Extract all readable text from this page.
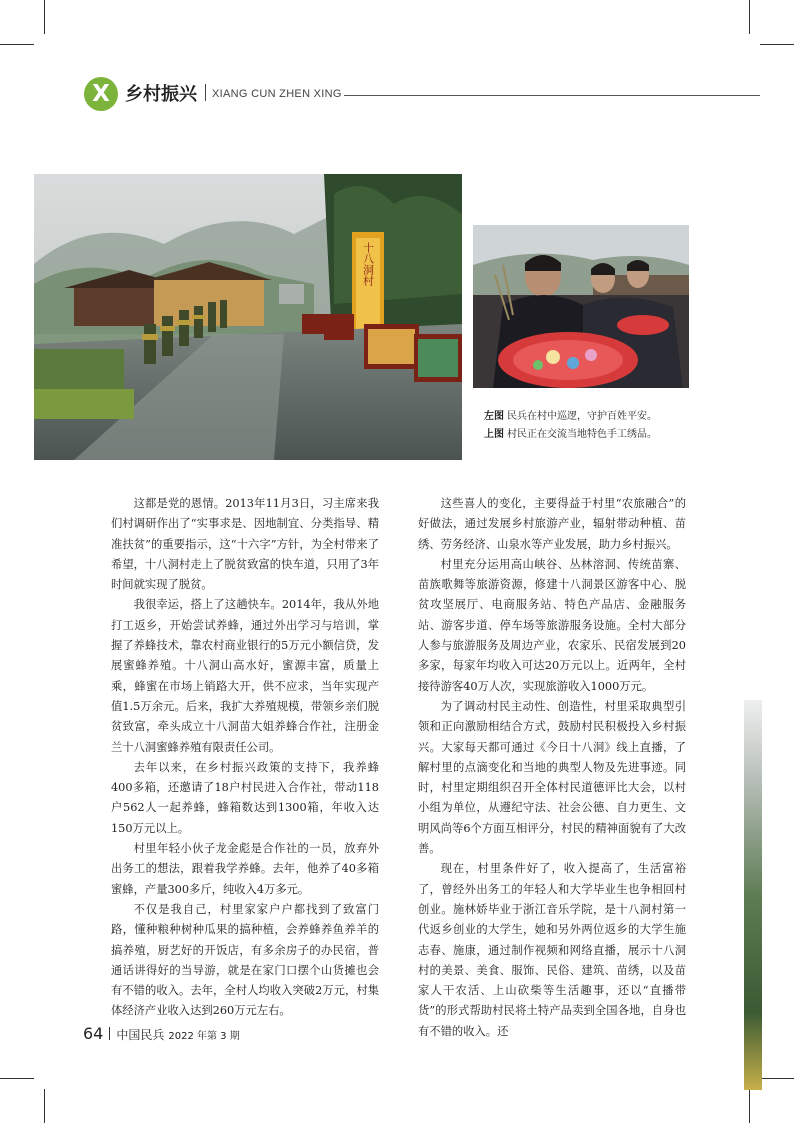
X 乡村振兴 XIANG CUN ZHEN XING
十八洞村
左图 民兵在村中巡逻，守护百姓平安。
上图 村民正在交流当地特色手工绣品。

这都是党的恩情。2013年11月3日，习主席来我们村调研作出了“实事求是、因地制宜、分类指导、精准扶贫”的重要指示，这“十六字”方针，为全村带来了希望，十八洞村走上了脱贫致富的快车道，只用了3年时间就实现了脱贫。

我很幸运，搭上了这趟快车。2014年，我从外地打工返乡，开始尝试养蜂，通过外出学习与培训，掌握了养蜂技术，靠农村商业银行的5万元小额信贷，发展蜜蜂养殖。十八洞山高水好，蜜源丰富，质量上乘，蜂蜜在市场上销路大开，供不应求，当年实现产值1.5万余元。后来，我扩大养殖规模，带领乡亲们脱贫致富，牵头成立十八洞苗大姐养蜂合作社，注册金兰十八洞蜜蜂养殖有限责任公司。

去年以来，在乡村振兴政策的支持下，我养蜂400多箱，还邀请了18户村民进入合作社，带动118户562人一起养蜂，蜂箱数达到1300箱，年收入达150万元以上。

村里年轻小伙子龙金彪是合作社的一员，放弃外出务工的想法，跟着我学养蜂。去年，他养了40多箱蜜蜂，产量300多斤，纯收入4万多元。

不仅是我自己，村里家家户户都找到了致富门路，懂种粮种树种瓜果的搞种植，会养蜂养鱼养羊的搞养殖，厨艺好的开饭店，有多余房子的办民宿，普通话讲得好的当导游，就是在家门口摆个山货摊也会有不错的收入。去年，全村人均收入突破2万元，村集体经济产业收入达到260万元左右。

这些喜人的变化，主要得益于村里“农旅融合”的好做法，通过发展乡村旅游产业，辐射带动种植、苗绣、劳务经济、山泉水等产业发展，助力乡村振兴。

村里充分运用高山峡谷、丛林溶洞、传统苗寨、苗族歌舞等旅游资源，修建十八洞景区游客中心、脱贫攻坚展厅、电商服务站、特色产品店、金融服务站、游客步道、停车场等旅游服务设施。全村大部分人参与旅游服务及周边产业，农家乐、民宿发展到20多家，每家年均收入可达20万元以上。近两年，全村接待游客40万人次，实现旅游收入1000万元。

为了调动村民主动性、创造性，村里采取典型引领和正向激励相结合方式，鼓励村民积极投入乡村振兴。大家每天都可通过《今日十八洞》线上直播，了解村里的点滴变化和当地的典型人物及先进事迹。同时，村里定期组织召开全体村民道德评比大会，以村小组为单位，从遵纪守法、社会公德、自力更生、文明风尚等6个方面互相评分，村民的精神面貌有了大改善。

现在，村里条件好了，收入提高了，生活富裕了，曾经外出务工的年轻人和大学毕业生也争相回村创业。施林娇毕业于浙江音乐学院，是十八洞村第一代返乡创业的大学生，她和另外两位返乡的大学生施志春、施康，通过制作视频和网络直播，展示十八洞村的美景、美食、服饰、民俗、建筑、苗绣，以及苗家人干农活、上山砍柴等生活趣事，还以“直播带货”的形式帮助村民将土特产品卖到全国各地，自身也有不错的收入。还

64 中国民兵 2022 年第 3 期
